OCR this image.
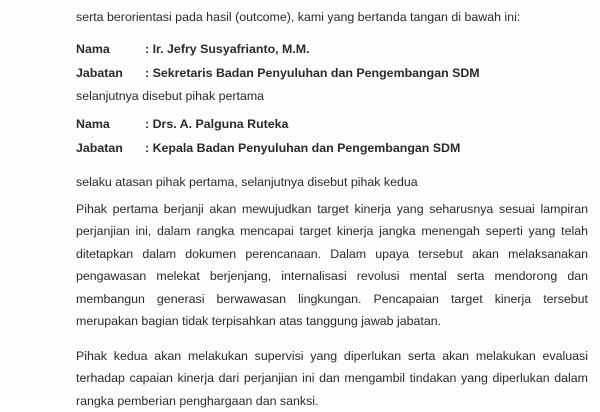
serta berorientasi pada hasil (outcome), kami yang bertanda tangan di bawah ini:
Nama	: Ir. Jefry Susyafrianto, M.M.
Jabatan : Sekretaris Badan Penyuluhan dan Pengembangan SDM
selanjutnya disebut pihak pertama
Nama	: Drs. A. Palguna Ruteka
Jabatan : Kepala Badan Penyuluhan dan Pengembangan SDM
selaku atasan pihak pertama, selanjutnya disebut pihak kedua
Pihak pertama berjanji akan mewujudkan target kinerja yang seharusnya sesuai lampiran
perjanjian ini, dalam rangka mencapai target kinerja jangka menengah seperti yang telah
ditetapkan dalam dokumen perencanaan. Dalam upaya tersebut akan melaksanakan
pengawasan melekat berjenjang, internalisasi revolusi mental serta mendorong dan
membangun generasi berwawasan lingkungan. Pencapaian target kinerja tersebut
merupakan bagian tidak terpisahkan atas tanggung jawab jabatan.
Pihak kedua akan melakukan supervisi yang diperlukan serta akan melakukan evaluasi
terhadap capaian kinerja dari perjanjian ini dan mengambil tindakan yang diperlukan dalam
rangka pemberian penghargaan dan sanksi.
